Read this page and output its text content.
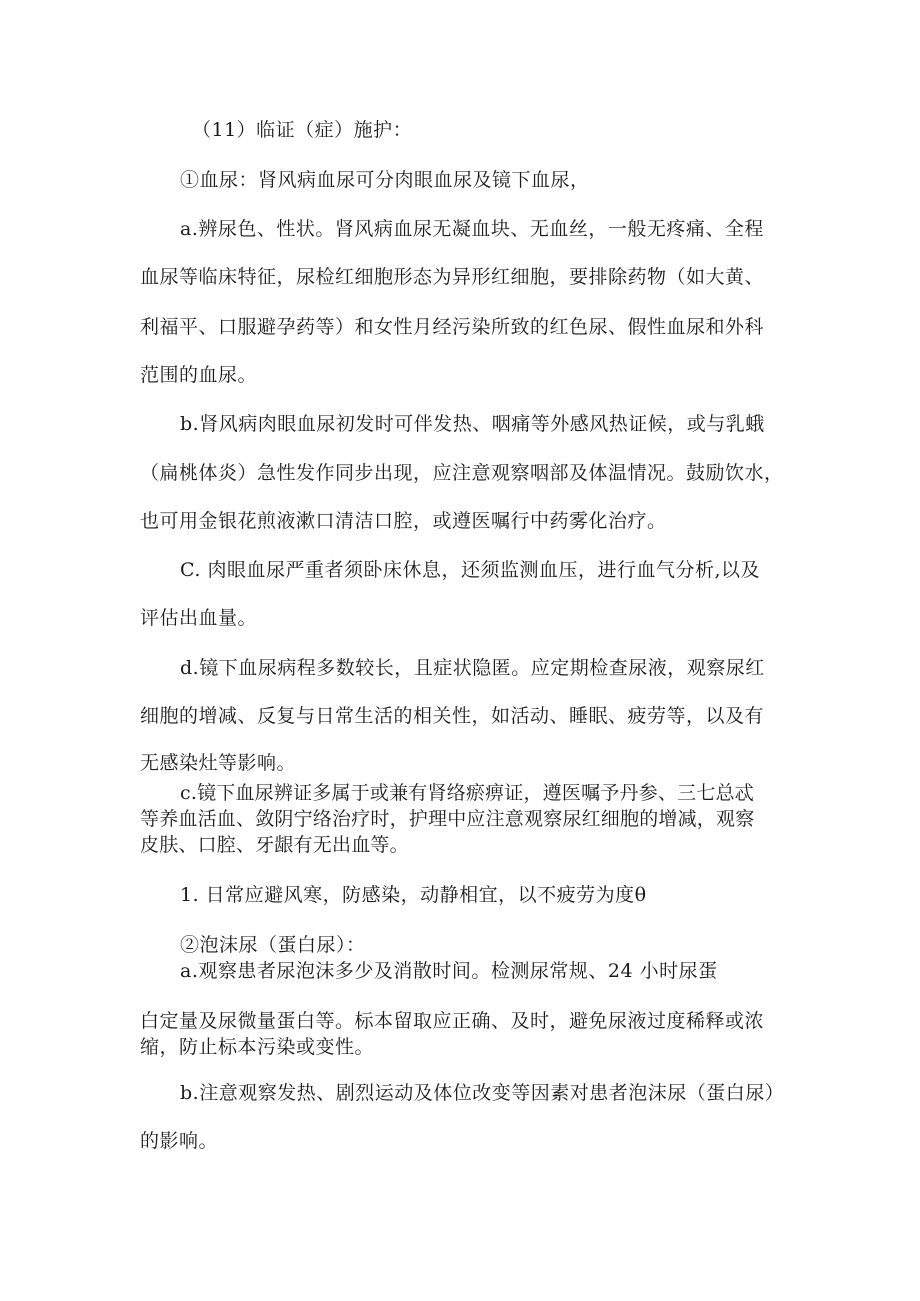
（11）临证（症）施护：

①血尿：肾风病血尿可分肉眼血尿及镜下血尿，

a.辨尿色、性状。肾风病血尿无凝血块、无血丝，一般无疼痛、全程

血尿等临床特征，尿检红细胞形态为异形红细胞，要排除药物（如大黄、

利福平、口服避孕药等）和女性月经污染所致的红色尿、假性血尿和外科

范围的血尿。

b.肾风病肉眼血尿初发时可伴发热、咽痛等外感风热证候，或与乳蛾

（扁桃体炎）急性发作同步出现，应注意观察咽部及体温情况。鼓励饮水，

也可用金银花煎液漱口清洁口腔，或遵医嘱行中药雾化治疗。

C. 肉眼血尿严重者须卧床休息，还须监测血压，进行血气分析,以及

评估出血量。

d.镜下血尿病程多数较长，且症状隐匿。应定期检查尿液，观察尿红

细胞的增减、反复与日常生活的相关性，如活动、睡眠、疲劳等，以及有

无感染灶等影响。

c.镜下血尿辨证多属于或兼有肾络瘀痹证，遵医嘱予丹参、三七总忒

等养血活血、敛阴宁络治疗时，护理中应注意观察尿红细胞的增减，观察

皮肤、口腔、牙龈有无出血等。

1. 日常应避风寒，防感染，动静相宜，以不疲劳为度θ

②泡沫尿（蛋白尿）：

a.观察患者尿泡沫多少及消散时间。检测尿常规、24 小时尿蛋

白定量及尿微量蛋白等。标本留取应正确、及时，避免尿液过度稀释或浓

缩，防止标本污染或变性。

b.注意观察发热、剧烈运动及体位改变等因素对患者泡沫尿（蛋白尿）

的影响。
